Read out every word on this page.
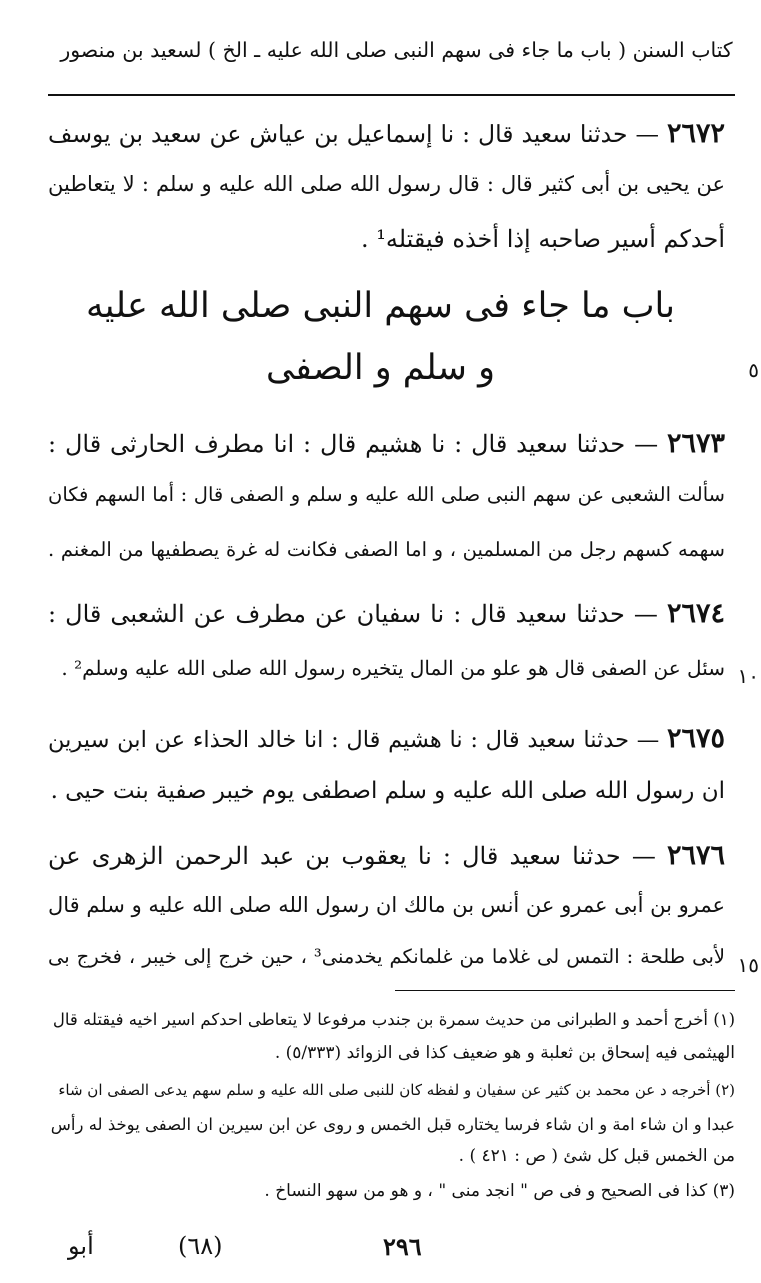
كتاب السنن ( باب ما جاء فى سهم النبى صلى الله عليه ـ الخ ) لسعيد بن منصور
٢٦٧٢ — حدثنا سعيد قال : نا إسماعيل بن عياش عن سعيد بن يوسف
عن يحيى بن أبى كثير قال : قال رسول الله صلى الله عليه و سلم : لا يتعاطين
أحدكم أسير صاحبه إذا أخذه فيقتله¹ .
باب ما جاء فى سهم النبى صلى الله عليه
و سلم و الصفى	٥
٢٦٧٣ — حدثنا سعيد قال : نا هشيم قال : انا مطرف الحارثى قال :
سألت الشعبى عن سهم النبى صلى الله عليه و سلم و الصفى قال : أما السهم فكان
سهمه كسهم رجل من المسلمين ، و اما الصفى فكانت له غرة يصطفيها من المغنم .
٢٦٧٤ — حدثنا سعيد قال : نا سفيان عن مطرف عن الشعبى قال :
سئل عن الصفى قال هو علو من المال يتخيره رسول الله صلى الله عليه وسلم² . ١٠
٢٦٧٥ — حدثنا سعيد قال : نا هشيم قال : انا خالد الحذاء عن ابن سيرين
ان رسول الله صلى الله عليه و سلم اصطفى يوم خيبر صفية بنت حيى .
٢٦٧٦ — حدثنا سعيد قال : نا يعقوب بن عبد الرحمن الزهرى عن
عمرو بن أبى عمرو عن أنس بن مالك ان رسول الله صلى الله عليه و سلم قال
لأبى طلحة : التمس لى غلاما من غلمانكم يخدمنى³ ، حين خرج إلى خيبر ، فخرج بى ١٥
(١) أخرج أحمد و الطبرانى من حديث سمرة بن جندب مرفوعا لا يتعاطى احدكم اسير اخيه فيقتله قال
الهيثمى فيه إسحاق بن ثعلبة و هو ضعيف كذا فى الزوائد (٥/٣٣٣) .
(٢) أخرجه د عن محمد بن كثير عن سفيان و لفظه كان للنبى صلى الله عليه و سلم سهم يدعى الصفى ان شاء
عبدا و ان شاء امة و ان شاء فرسا يختاره قبل الخمس و روى عن ابن سيرين ان الصفى يوخذ له رأس
من الخمس قبل كل شئ ( ص : ٤٢١ ) .
(٣) كذا فى الصحيح و فى ص " انجد منى " ، و هو من سهو النساخ .
أبو	(٦٨)	٢٩٦
